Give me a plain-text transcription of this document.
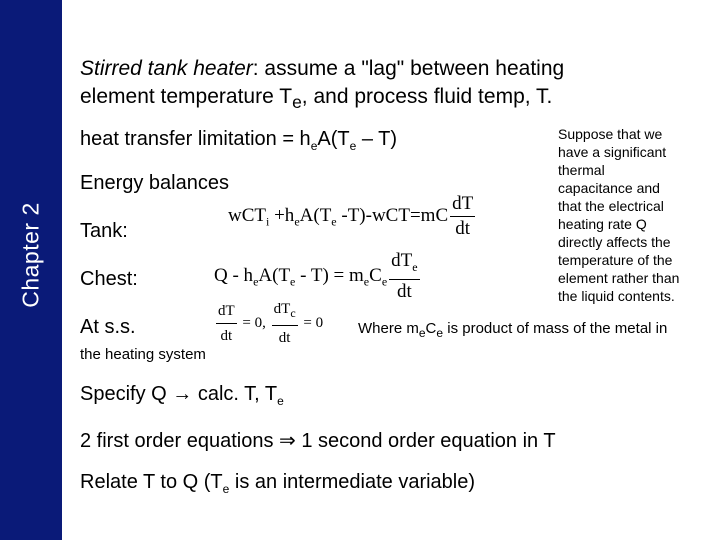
Chapter 2
Stirred tank heater: assume a "lag" between heating
element temperature $T_e$, and process fluid temp, T.
heat transfer limitation = $h_eA(T_e - T)$
Energy balances
Tank:
$wCT_i +h_eA(T_e$ $-T)-wCT=mC \frac{dT}{dt}$
Chest:	$Q - h_eA(T_e - T) = m_eC_e \frac{dT_e}{dt}$
At s.s.	$\frac{dT}{dt} = 0$, $\frac{dT_c}{dt} = 0$
Suppose that we
have a significant
thermal
capacitance and
that the electrical
heating rate Q
directly affects the
temperature of the
element rather than
the liquid contents.
Where $m_eC_e$ is product of mass of the metal in
the heating system
Specify Q → calc. T, $T_e$
2 first order equations ⇒ 1 second order equation in T
Relate T to Q ($T_e$ is an intermediate variable)
